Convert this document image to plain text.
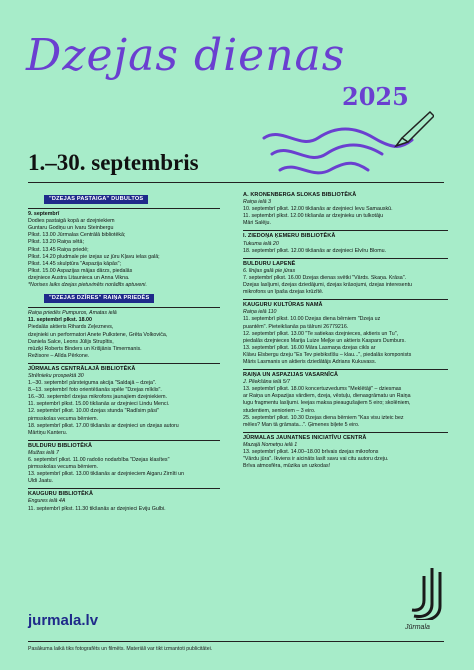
Dzejas dienas
2025
1.–30. septembris
"DZEJAS PASTAIGA" DUBULTOS
9. septembrī
Dodies pastaigā kopā ar dzejniekiem
Guntaru Godiņu un Ivaru Šteinbergu
Plkst. 13.00 Jūrmalas Centrālā bibliotēkā;
Plkst. 13.20 Raiņa sētā;
Plkst. 13.45 Raiņa priedē;
Plkst. 14.20 pludmale pie izejas uz jūru Kļavu ielas galā;
Plkst. 14.45 skulptūra "Aspazija kāpās";
Plkst. 15.00 Aspazijas mājas dārzs, piedalās
dzejniece Austra Litaunieca un Anna Vikna.
*Norises laiks dzejas pietuvinēts norādīts aptuveni.
"DZEJAS DZĪRES" RAIŅA PRIEDĒS
Raiņa priedēs Pumpuros, Amatas ielā
11. septembrī plkst. 18.00
Piedalās aktieris Rihards Zeļeznevs,
dzejnieki un performatori Anete Pulkstene, Grēta Volkoviča,
Daniela Šalce, Leons Jūlijs Strupītis,
mūziķi Roberts Binders un Krišjānis Timermanis.
Režisore – Alīda Pērkone.
JŪRMALAS CENTRĀLAJĀ BIBLIOTĒKĀ
Strēlnieku prospektā 30
1.–30. septembrī pārsteiguma akcija "Saldajā – dzeja".
8.–13. septembrī foto orientēšanās spēle "Dzejas mīklis".
16.–30. septembrī dzejas mikrofons jaunajiem dzejniekiem.
11. septembrī plkst. 15.00 tikšanās ar dzejnieci Lindu Menci.
12. septembrī plkst. 10.00 dzejas stunda "Radīsim pāsi"
pirmsskolas vecuma bērniem.
18. septembrī plkst. 17.00 tikšanās ar dzejnieci un dzejas autoru
Mārtiņu Kanteru.
BULDURU BIBLIOTĒKĀ
Muižas ielā 7
6. septembrī plkst. 11.00 radošo nodarbība "Dzejas klasītes"
pirmsskolas vecuma bērniem.
13. septembrī plkst. 13.00 tikšanās ar dzejnieciem Aigaru Zirnīti un
Uldi Jaatu.
KAUGURU BIBLIOTĒKĀ
Engures ielā 4A
11. septembrī plkst. 11.30 tikšanās ar dzejnieci Eviju Gulbi.
A. KRONENBERGA SLOKAS BIBLIOTĒKĀ
Raiņa ielā 3
10. septembrī plkst. 12.00 tikšanās ar dzejnieci Ievu Samauskū.
11. septembrī plkst. 12.00 tikšanās ar dzejnieku un tulkotāju
Māri Salēju.
I. ZIEDOŅA ĶEMERU BIBLIOTĒKĀ
Tukuma ielā 20
18. septembrī plkst. 12.00 tikšanās ar dzejnieci Elvīru Blomu.
BULDURU LAPENĒ
6. līnijas galā pie jūras
7. septembrī plkst. 16.00 Dzejas dienas svētki "Vārds. Skaņa. Krāsa".
Dzejas lasījumi, dzejas dziedājumi, dzejas krāsojumi, dzejas interesentu
mikrofons un īpaša dzejas krūzītē.
KAUGURU KULTŪRAS NAMĀ
Raiņa ielā 110
11. septembrī plkst. 10.00 Dzejas diena bērniem "Dzeja uz
puantēm". Pieteikšanās pa tālruni 26779216.
12. septembrī plkst. 13.00 "Te satiekas dzejnieces, aktieris un Tu",
piedalās dzejnieces Marija Luize Meļķe un aktieris Kaspars Dumburs.
13. septembrī plkst. 16.00 Māra Lasmaņa dzejas cikls ar
Klāvu Elsbergu dzeju "Es Tev piebikstīšu – klau...", piedalās komponists
Māris Lasmanis un aktieris dziedātājs Adrians Kukuvass.
RAIŅA UN ASPAZIJAS VASARNĪCĀ
J. Pliekšāna ielā 5/7
13. septembrī plkst. 18.00 koncertuzvedums "Meklētāji" – dziesmas
ar Raiņa un Aspazijas vārdiem, dzeja, vēstuļu, dienasgrāmatu un Raiņa
lugu fragmentu lasījumi. Ieejas maksa pieaugušajiem 5 eiro; skolēniem,
studentiem, senioriem – 3 eiro.
25. septembrī plkst. 10.30 Dzejas diena bērniem "Kas visu izteic bez
mēles? Man tā grāmata...". Ģimenes biļete 5 eiro.
JŪRMALAS JAUNATNES INICIATĪVU CENTRĀ
Mazajā Nometņu ielā 1
13. septembrī plkst. 14.00–18.00 brīvais dzejas mikrofons
"Vārdu jūra". Ikviens ir aicināts lasīt savu vai citu autoru dzeju.
Brīva atmosfēra, mūzika un uzkodas!
jurmala.lv	Jūrmala
Pasākuma laikā tiks fotografēts un filmēts. Materiāli var tikt izmantoti publicitātei.
